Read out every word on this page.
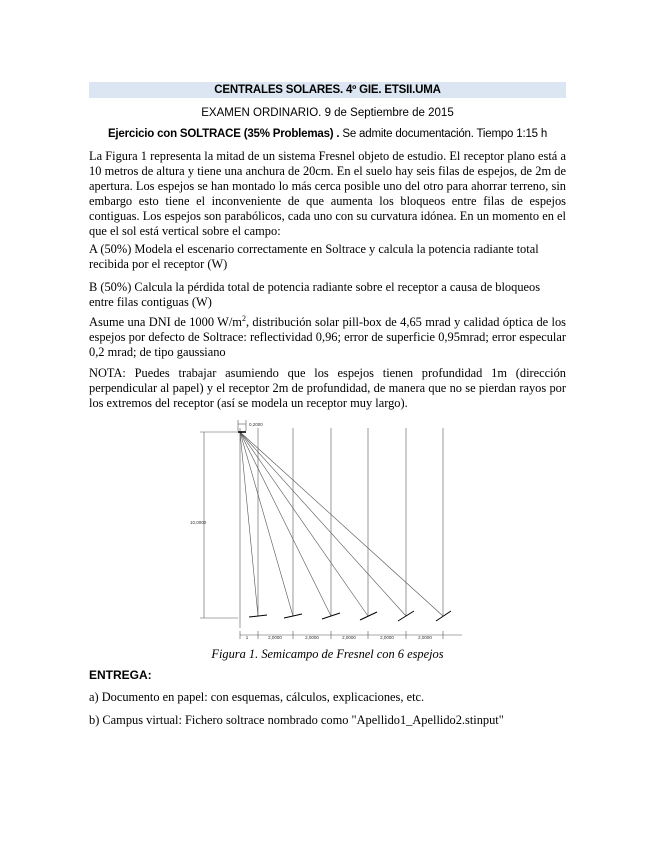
CENTRALES SOLARES. 4º GIE. ETSII.UMA
EXAMEN ORDINARIO. 9 de Septiembre de 2015
Ejercicio con SOLTRACE (35% Problemas) . Se admite documentación. Tiempo 1:15 h

La Figura 1 representa la mitad de un sistema Fresnel objeto de estudio. El receptor plano está a 10 metros de altura y tiene una anchura de 20cm. En el suelo hay seis filas de espejos, de 2m de apertura. Los espejos se han montado lo más cerca posible uno del otro para ahorrar terreno, sin embargo esto tiene el inconveniente de que aumenta los bloqueos entre filas de espejos contiguas. Los espejos son parabólicos, cada uno con su curvatura idónea. En un momento en el que el sol está vertical sobre el campo:

A (50%) Modela el escenario correctamente en Soltrace y calcula la potencia radiante total recibida por el receptor (W)

B (50%) Calcula la pérdida total de potencia radiante sobre el receptor a causa de bloqueos entre filas contiguas (W)

Asume una DNI de 1000 $W/m^2$, distribución solar pill-box de 4,65 mrad y calidad óptica de los espejos por defecto de Soltrace: reflectividad 0,96; error de superficie 0,95mrad; error especular 0,2 mrad; de tipo gaussiano

NOTA: Puedes trabajar asumiendo que los espejos tienen profundidad 1m (dirección perpendicular al papel) y el receptor 2m de profundidad, de manera que no se pierdan rayos por los extremos del receptor (así se modela un receptor muy largo).

0,2000
10,0000
1	2,0000	2,0000	2,0000	2,0000	2,0000
Figura 1. Semicampo de Fresnel con 6 espejos
ENTREGA:

a) Documento en papel: con esquemas, cálculos, explicaciones, etc.

b) Campus virtual: Fichero soltrace nombrado como "Apellido1_Apellido2.stinput"
